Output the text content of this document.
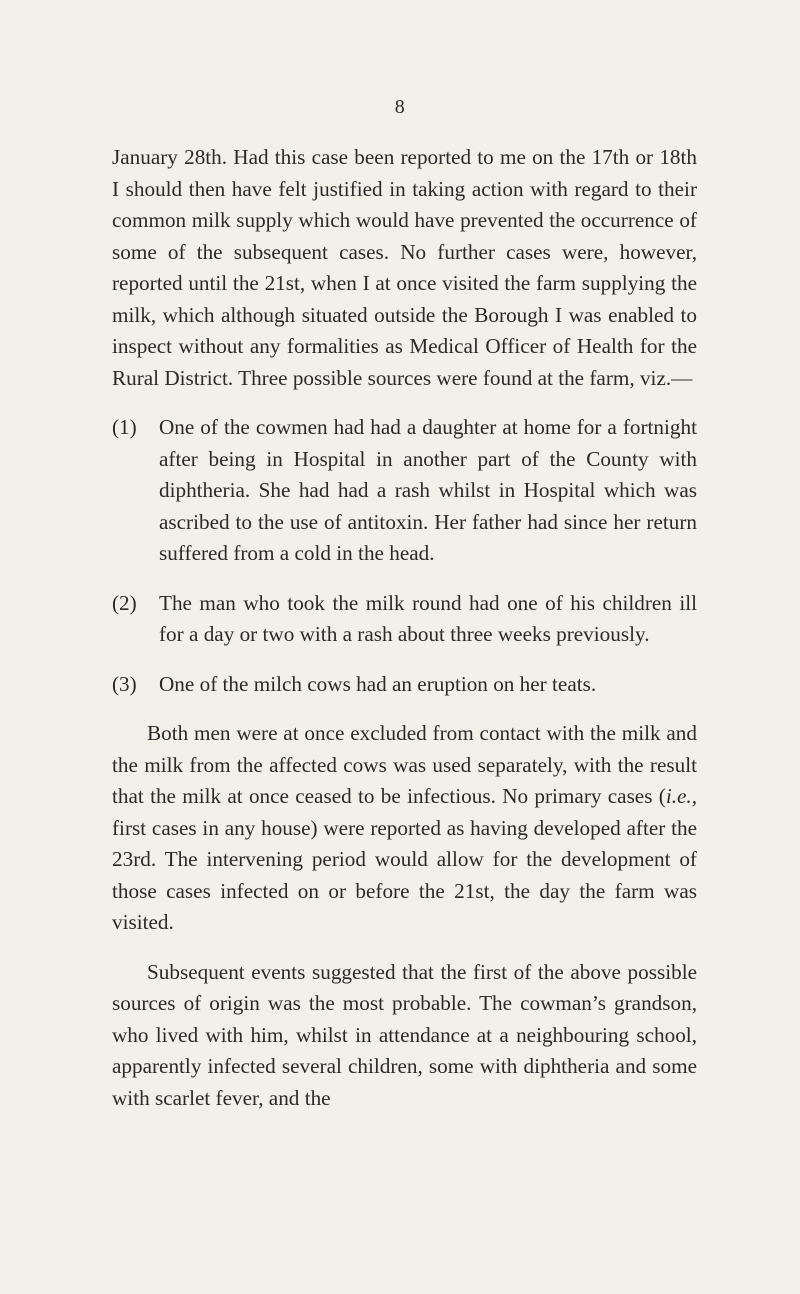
8

January 28th. Had this case been reported to me on the 17th or 18th I should then have felt justified in taking action with regard to their common milk supply which would have prevented the occurrence of some of the subsequent cases. No further cases were, however, reported until the 21st, when I at once visited the farm supplying the milk, which although situated outside the Borough I was enabled to inspect without any formalities as Medical Officer of Health for the Rural District. Three possible sources were found at the farm, viz.—

(1)	One of the cowmen had had a daughter at home for a fortnight after being in Hospital in another part of the County with diphtheria. She had had a rash whilst in Hospital which was ascribed to the use of antitoxin. Her father had since her return suffered from a cold in the head.
(2)	The man who took the milk round had one of his children ill for a day or two with a rash about three weeks previously.
(3)	One of the milch cows had an eruption on her teats.

Both men were at once excluded from contact with the milk and the milk from the affected cows was used separately, with the result that the milk at once ceased to be infectious. No primary cases (i.e., first cases in any house) were reported as having developed after the 23rd. The intervening period would allow for the development of those cases infected on or before the 21st, the day the farm was visited.

Subsequent events suggested that the first of the above possible sources of origin was the most probable. The cowman’s grandson, who lived with him, whilst in attendance at a neighbouring school, apparently infected several children, some with diphtheria and some with scarlet fever, and the
